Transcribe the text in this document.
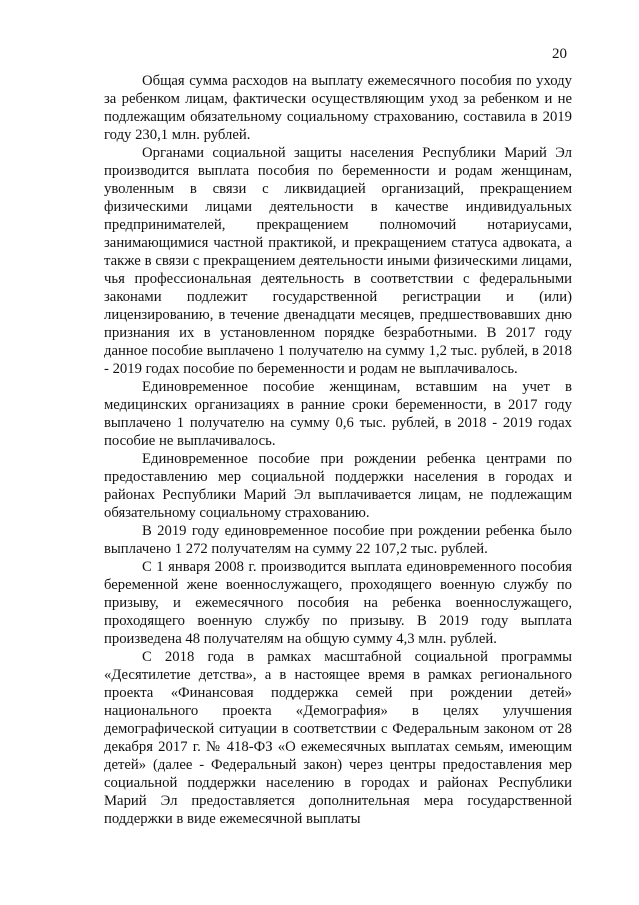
20

Общая сумма расходов на выплату ежемесячного пособия по уходу за ребенком лицам, фактически осуществляющим уход за ребенком и не подлежащим обязательному социальному страхованию, составила в 2019 году 230,1 млн. рублей.

Органами социальной защиты населения Республики Марий Эл производится выплата пособия по беременности и родам женщинам, уволенным в связи с ликвидацией организаций, прекращением физическими лицами деятельности в качестве индивидуальных предпринимателей, прекращением полномочий нотариусами, занимающимися частной практикой, и прекращением статуса адвоката, а также в связи с прекращением деятельности иными физическими лицами, чья профессиональная деятельность в соответствии с федеральными законами подлежит государственной регистрации и (или) лицензированию, в течение двенадцати месяцев, предшествовавших дню признания их в установленном порядке безработными. В 2017 году данное пособие выплачено 1 получателю на сумму 1,2 тыс. рублей, в 2018 - 2019 годах пособие по беременности и родам не выплачивалось.

Единовременное пособие женщинам, вставшим на учет в медицинских организациях в ранние сроки беременности, в 2017 году выплачено 1 получателю на сумму 0,6 тыс. рублей, в 2018 - 2019 годах пособие не выплачивалось.

Единовременное пособие при рождении ребенка центрами по предоставлению мер социальной поддержки населения в городах и районах Республики Марий Эл выплачивается лицам, не подлежащим обязательному социальному страхованию.

В 2019 году единовременное пособие при рождении ребенка было выплачено 1 272 получателям на сумму 22 107,2 тыс. рублей.

С 1 января 2008 г. производится выплата единовременного пособия беременной жене военнослужащего, проходящего военную службу по призыву, и ежемесячного пособия на ребенка военнослужащего, проходящего военную службу по призыву. В 2019 году выплата произведена 48 получателям на общую сумму 4,3 млн. рублей.

С 2018 года в рамках масштабной социальной программы «Десятилетие детства», а в настоящее время в рамках регионального проекта «Финансовая поддержка семей при рождении детей» национального проекта «Демография» в целях улучшения демографической ситуации в соответствии с Федеральным законом от 28 декабря 2017 г. № 418-ФЗ «О ежемесячных выплатах семьям, имеющим детей» (далее - Федеральный закон) через центры предоставления мер социальной поддержки населению в городах и районах Республики Марий Эл предоставляется дополнительная мера государственной поддержки в виде ежемесячной выплаты
